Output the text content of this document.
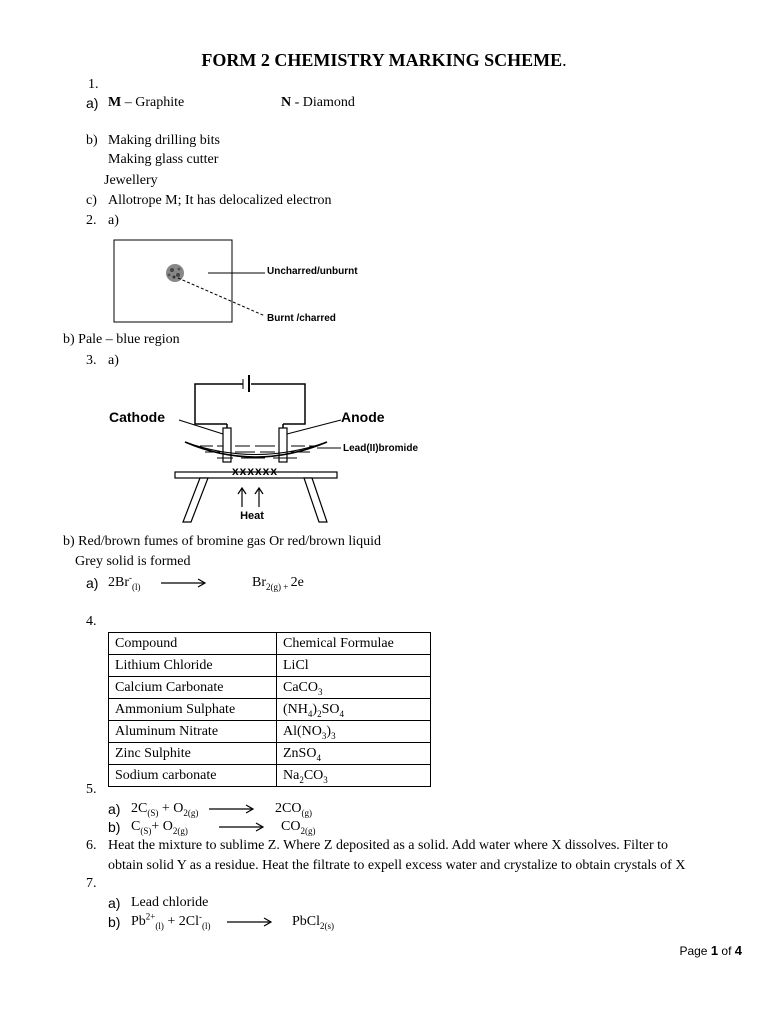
FORM 2 CHEMISTRY MARKING SCHEME.
1.
a) M – Graphite	N - Diamond
b) Making drilling bits
Making glass cutter
Jewellery
c) Allotrope M; It has delocalized electron
2. a)
Uncharred/unburnt
Burnt /charred
b) Pale – blue region
3. a)
xxxxxx
Heat
Cathode	Anode
Lead(II)bromide
b) Red/brown fumes of bromine gas Or red/brown liquid
Grey solid is formed
a) $2Br^-_{(l)}$	$Br_{2(g)}$ $_+$ 2e
4.
Compound	Chemical Formulae
Lithium Chloride	LiCl
Calcium Carbonate	CaCO$_3$
Ammonium Sulphate	$(NH_4)_2SO_4$
Aluminum Nitrate	$Al(NO_3)_3$
Zinc Sulphite	ZnSO$_4$
Sodium carbonate	$Na_2CO_3$
5.
a) $2C_{(S)} + O_{2(g)}$	$2CO_{(g)}$
b) $C_{(S)}+ O_{2(g)}$	$CO_{2(g)}$
6. Heat the mixture to sublime Z. Where Z deposited as a solid. Add water where X dissolves. Filter to
obtain solid Y as a residue. Heat the filtrate to expell excess water and crystalize to obtain crystals of X
7.
a) Lead chloride
b) $Pb^{2+}_{(l)} + 2Cl^-_{(l)}$	PbCl$_{2(s)}$
Page 1 of 4
